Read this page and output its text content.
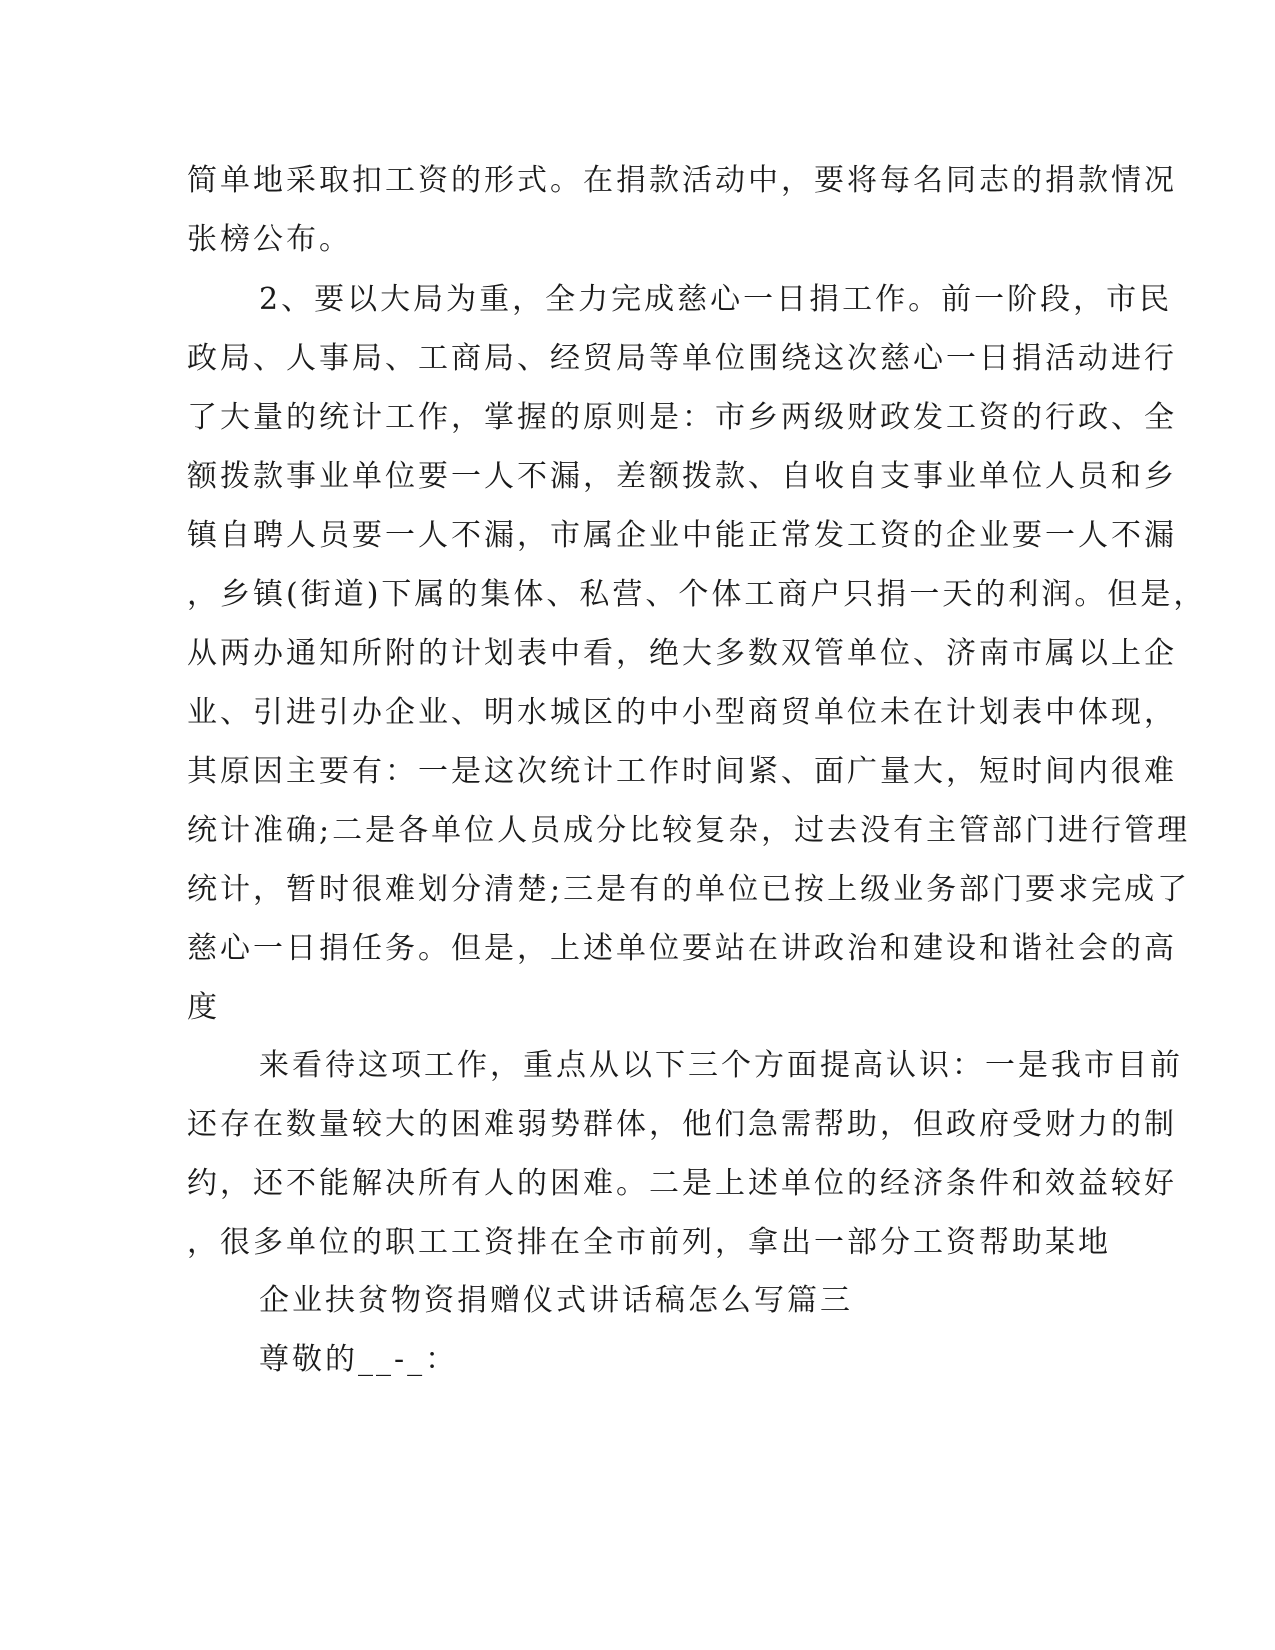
简单地采取扣工资的形式。在捐款活动中，要将每名同志的捐款情况
张榜公布。
2、要以大局为重，全力完成慈心一日捐工作。前一阶段，市民
政局、人事局、工商局、经贸局等单位围绕这次慈心一日捐活动进行
了大量的统计工作，掌握的原则是：市乡两级财政发工资的行政、全
额拨款事业单位要一人不漏，差额拨款、自收自支事业单位人员和乡
镇自聘人员要一人不漏，市属企业中能正常发工资的企业要一人不漏
，乡镇(街道)下属的集体、私营、个体工商户只捐一天的利润。但是，
从两办通知所附的计划表中看，绝大多数双管单位、济南市属以上企
业、引进引办企业、明水城区的中小型商贸单位未在计划表中体现，
其原因主要有：一是这次统计工作时间紧、面广量大，短时间内很难
统计准确;二是各单位人员成分比较复杂，过去没有主管部门进行管理
统计，暂时很难划分清楚;三是有的单位已按上级业务部门要求完成了
慈心一日捐任务。但是，上述单位要站在讲政治和建设和谐社会的高
度
来看待这项工作，重点从以下三个方面提高认识：一是我市目前
还存在数量较大的困难弱势群体，他们急需帮助，但政府受财力的制
约，还不能解决所有人的困难。二是上述单位的经济条件和效益较好
，很多单位的职工工资排在全市前列，拿出一部分工资帮助某地
企业扶贫物资捐赠仪式讲话稿怎么写篇三
尊敬的__-_：
